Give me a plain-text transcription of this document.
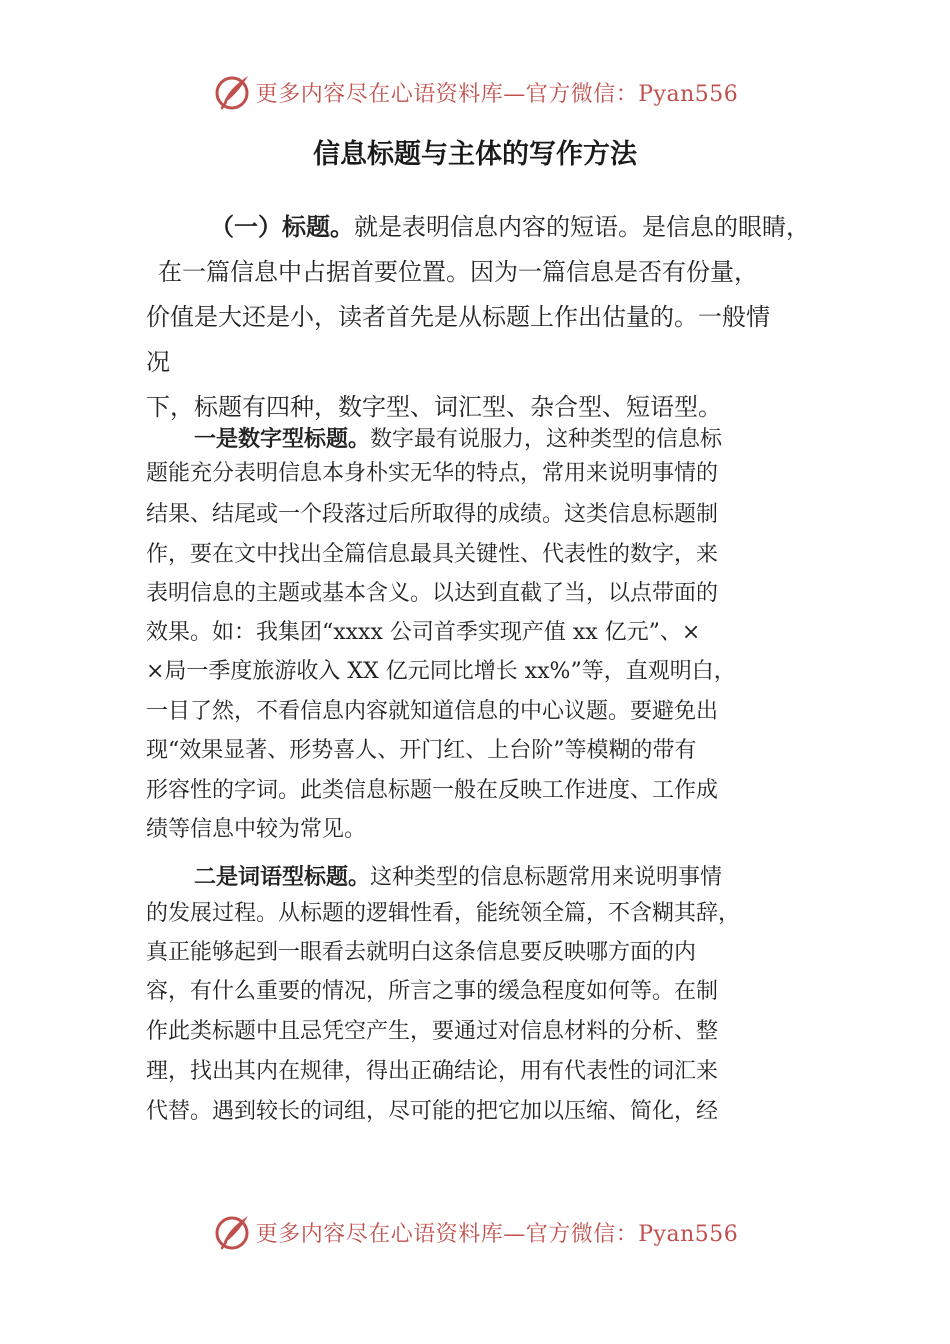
更多内容尽在心语资料库—官方微信：Pyan556
信息标题与主体的写作方法
（一）标题。就是表明信息内容的短语。是信息的眼睛，
在一篇信息中占据首要位置。因为一篇信息是否有份量，
价值是大还是小，读者首先是从标题上作出估量的。一般情
况
下，标题有四种，数字型、词汇型、杂合型、短语型。
一是数字型标题。数字最有说服力，这种类型的信息标
题能充分表明信息本身朴实无华的特点，常用来说明事情的
结果、结尾或一个段落过后所取得的成绩。这类信息标题制
作，要在文中找出全篇信息最具关键性、代表性的数字，来
表明信息的主题或基本含义。以达到直截了当，以点带面的
效果。如：我集团“xxxx 公司首季实现产值 xx 亿元”、×
×局一季度旅游收入 XX 亿元同比增长 xx%”等，直观明白，
一目了然，不看信息内容就知道信息的中心议题。要避免出
现“效果显著、形势喜人、开门红、上台阶”等模糊的带有
形容性的字词。此类信息标题一般在反映工作进度、工作成
绩等信息中较为常见。
二是词语型标题。这种类型的信息标题常用来说明事情
的发展过程。从标题的逻辑性看，能统领全篇，不含糊其辞，
真正能够起到一眼看去就明白这条信息要反映哪方面的内
容，有什么重要的情况，所言之事的缓急程度如何等。在制
作此类标题中且忌凭空产生，要通过对信息材料的分析、整
理，找出其内在规律，得出正确结论，用有代表性的词汇来
代替。遇到较长的词组，尽可能的把它加以压缩、简化，经
更多内容尽在心语资料库—官方微信：Pyan556
